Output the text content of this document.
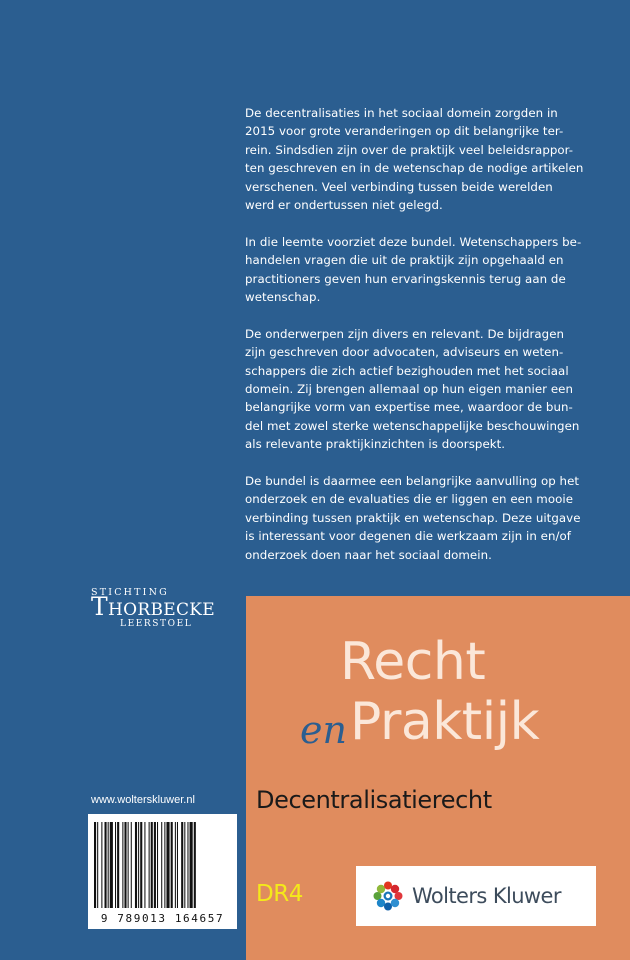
De decentralisaties in het sociaal domein zorgden in
2015 voor grote veranderingen op dit belangrijke ter-
rein. Sindsdien zijn over de praktijk veel beleidsrappor-
ten geschreven en in de wetenschap de nodige artikelen
verschenen. Veel verbinding tussen beide werelden
werd er ondertussen niet gelegd.

In die leemte voorziet deze bundel. Wetenschappers be-
handelen vragen die uit de praktijk zijn opgehaald en
practitioners geven hun ervaringskennis terug aan de
wetenschap.

De onderwerpen zijn divers en relevant. De bijdragen
zijn geschreven door advocaten, adviseurs en weten-
schappers die zich actief bezighouden met het sociaal
domein. Zij brengen allemaal op hun eigen manier een
belangrijke vorm van expertise mee, waardoor de bun-
del met zowel sterke wetenschappelijke beschouwingen
als relevante praktijkinzichten is doorspekt.

De bundel is daarmee een belangrijke aanvulling op het
onderzoek en de evaluaties die er liggen en een mooie
verbinding tussen praktijk en wetenschap. Deze uitgave
is interessant voor degenen die werkzaam zijn in en/of
onderzoek doen naar het sociaal domein.

STICHTING
THORBECKE
LEERSTOEL
Recht
en Praktijk
Decentralisatierecht
DR4	Wolters Kluwer
www.wolterskluwer.nl
9 789013 164657
